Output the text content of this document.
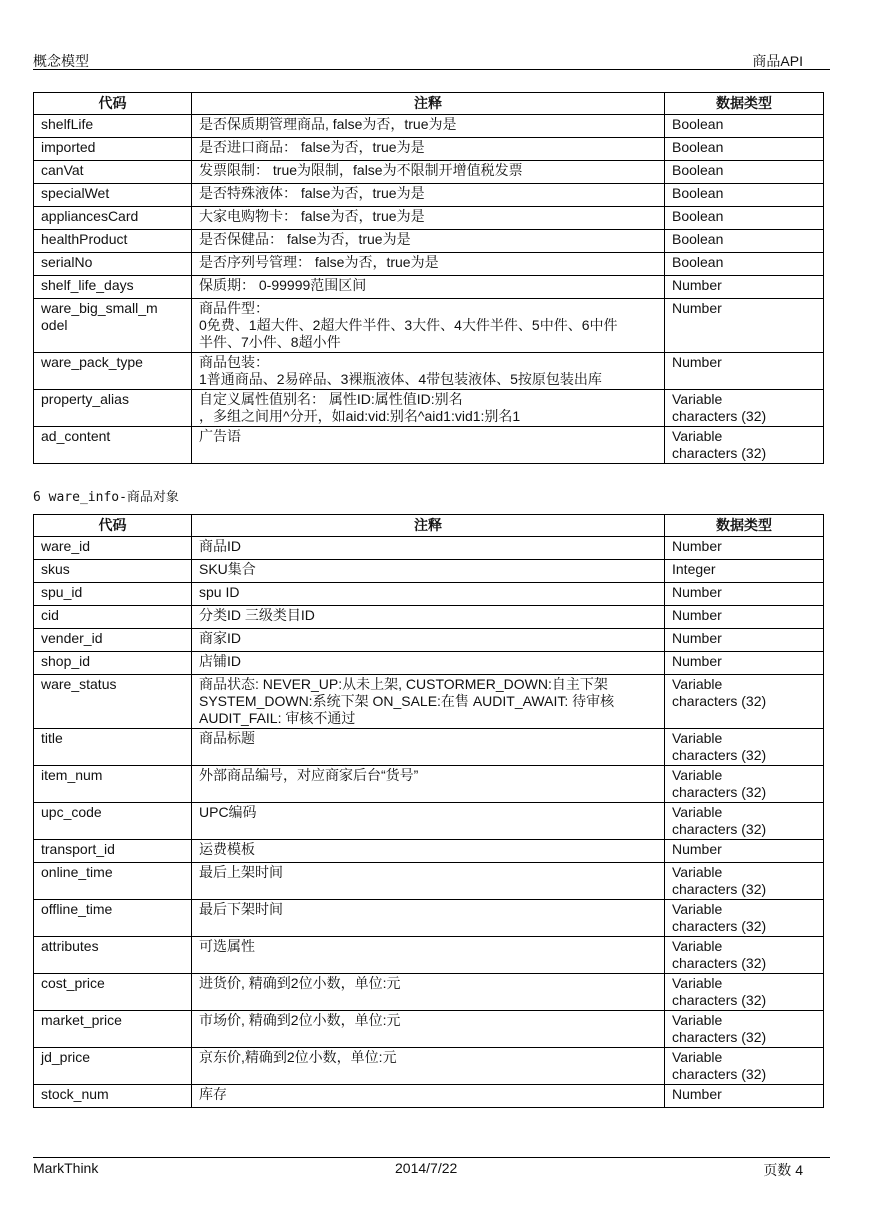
概念模型	商品API
代码	注释	数据类型
shelfLife	是否保质期管理商品, false为否，true为是	Boolean
imported	是否进口商品： false为否，true为是	Boolean
canVat	发票限制： true为限制，false为不限制开增值税发票	Boolean
specialWet	是否特殊液体： false为否，true为是	Boolean
appliancesCard	大家电购物卡： false为否，true为是	Boolean
healthProduct	是否保健品： false为否，true为是	Boolean
serialNo	是否序列号管理： false为否，true为是	Boolean
shelf_life_days	保质期： 0-99999范围区间	Number
ware_big_small_m
odel	商品件型：
0免费、1超大件、2超大件半件、3大件、4大件半件、5中件、6中件
半件、7小件、8超小件	Number
ware_pack_type	商品包装：
1普通商品、2易碎品、3裸瓶液体、4带包装液体、5按原包装出库	Number
property_alias	自定义属性值别名： 属性ID:属性值ID:别名
，多组之间用^分开，如aid:vid:别名^aid1:vid1:别名1	Variable
characters (32)
ad_content	广告语	Variable
characters (32)
6 ware_info-商品对象
代码	注释	数据类型
ware_id	商品ID	Number
skus	SKU集合	Integer
spu_id	spu ID	Number
cid	分类ID 三级类目ID	Number
vender_id	商家ID	Number
shop_id	店铺ID	Number
ware_status	商品状态: NEVER_UP:从未上架, CUSTORMER_DOWN:自主下架
SYSTEM_DOWN:系统下架 ON_SALE:在售 AUDIT_AWAIT: 待审核
AUDIT_FAIL: 审核不通过	Variable
characters (32)
title	商品标题	Variable
characters (32)
item_num	外部商品编号，对应商家后台“货号”	Variable
characters (32)
upc_code	UPC编码	Variable
characters (32)
transport_id	运费模板	Number
online_time	最后上架时间	Variable
characters (32)
offline_time	最后下架时间	Variable
characters (32)
attributes	可选属性	Variable
characters (32)
cost_price	进货价, 精确到2位小数，单位:元	Variable
characters (32)
market_price	市场价, 精确到2位小数，单位:元	Variable
characters (32)
jd_price	京东价,精确到2位小数，单位:元	Variable
characters (32)
stock_num	库存	Number
MarkThink	2014/7/22	页数 4
